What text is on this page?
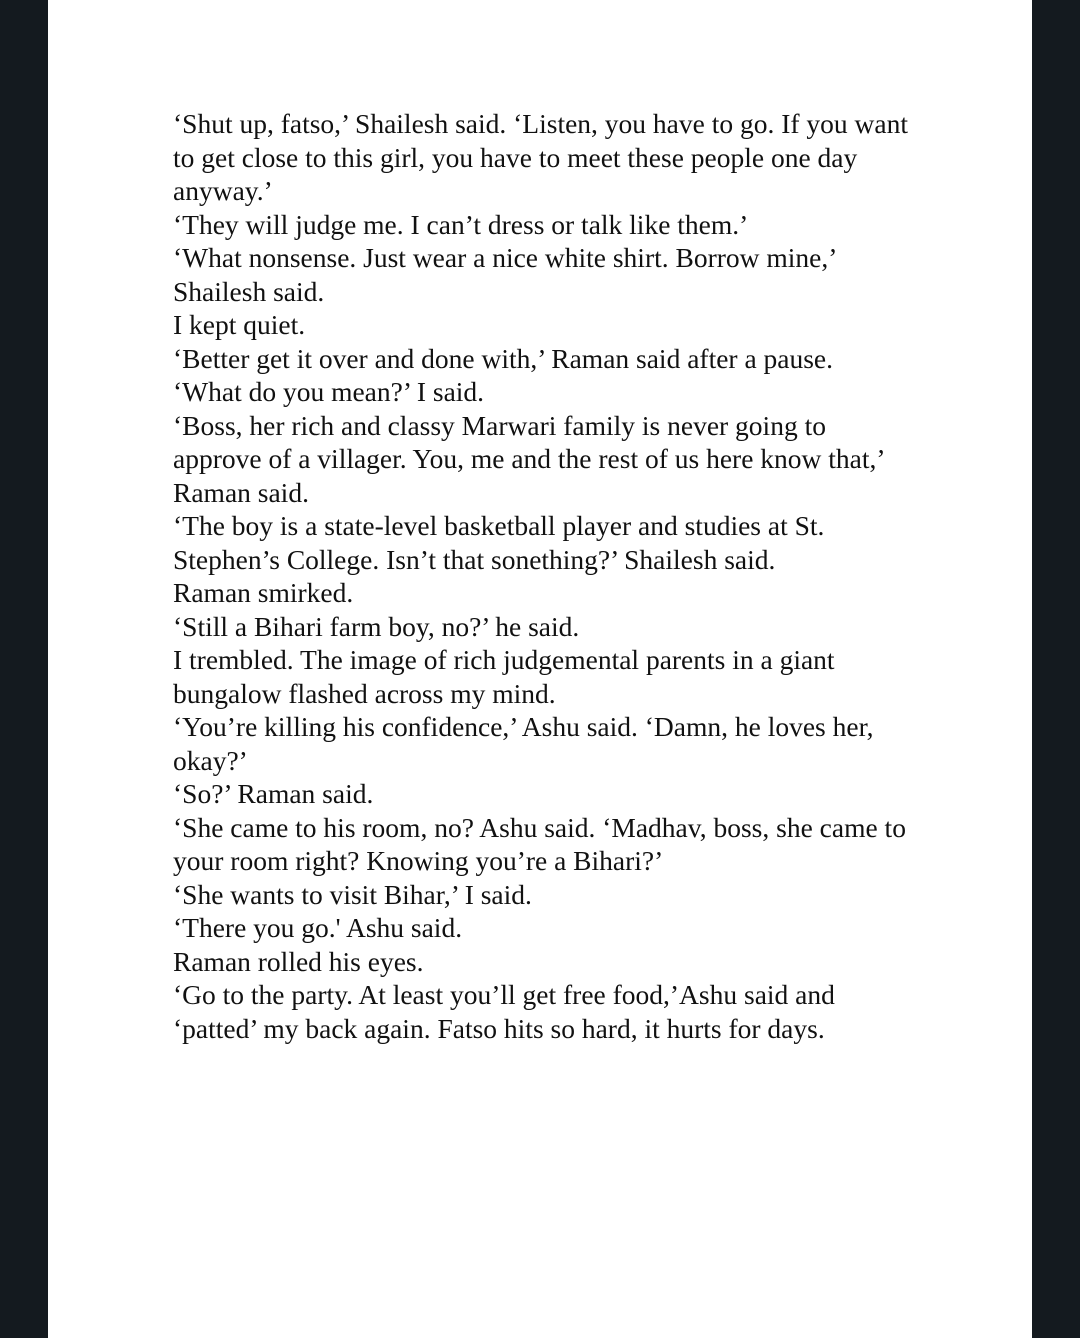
‘Shut up, fatso,’ Shailesh said. ‘Listen, you have to go. If you want
to get close to this girl, you have to meet these people one day
anyway.’

‘They will judge me. I can’t dress or talk like them.’

‘What nonsense. Just wear a nice white shirt. Borrow mine,’
Shailesh said.

I kept quiet.

‘Better get it over and done with,’ Raman said after a pause.

‘What do you mean?’ I said.

‘Boss, her rich and classy Marwari family is never going to
approve of a villager. You, me and the rest of us here know that,’
Raman said.

‘The boy is a state-level basketball player and studies at St.
Stephen’s College. Isn’t that sonething?’ Shailesh said.

Raman smirked.

‘Still a Bihari farm boy, no?’ he said.

I trembled. The image of rich judgemental parents in a giant
bungalow flashed across my mind.

‘You’re killing his confidence,’ Ashu said. ‘Damn, he loves her,
okay?’

‘So?’ Raman said.

‘She came to his room, no? Ashu said. ‘Madhav, boss, she came to
your room right? Knowing you’re a Bihari?’

‘She wants to visit Bihar,’ I said.

‘There you go.' Ashu said.

Raman rolled his eyes.

‘Go to the party. At least you’ll get free food,’Ashu said and
‘patted’ my back again. Fatso hits so hard, it hurts for days.
